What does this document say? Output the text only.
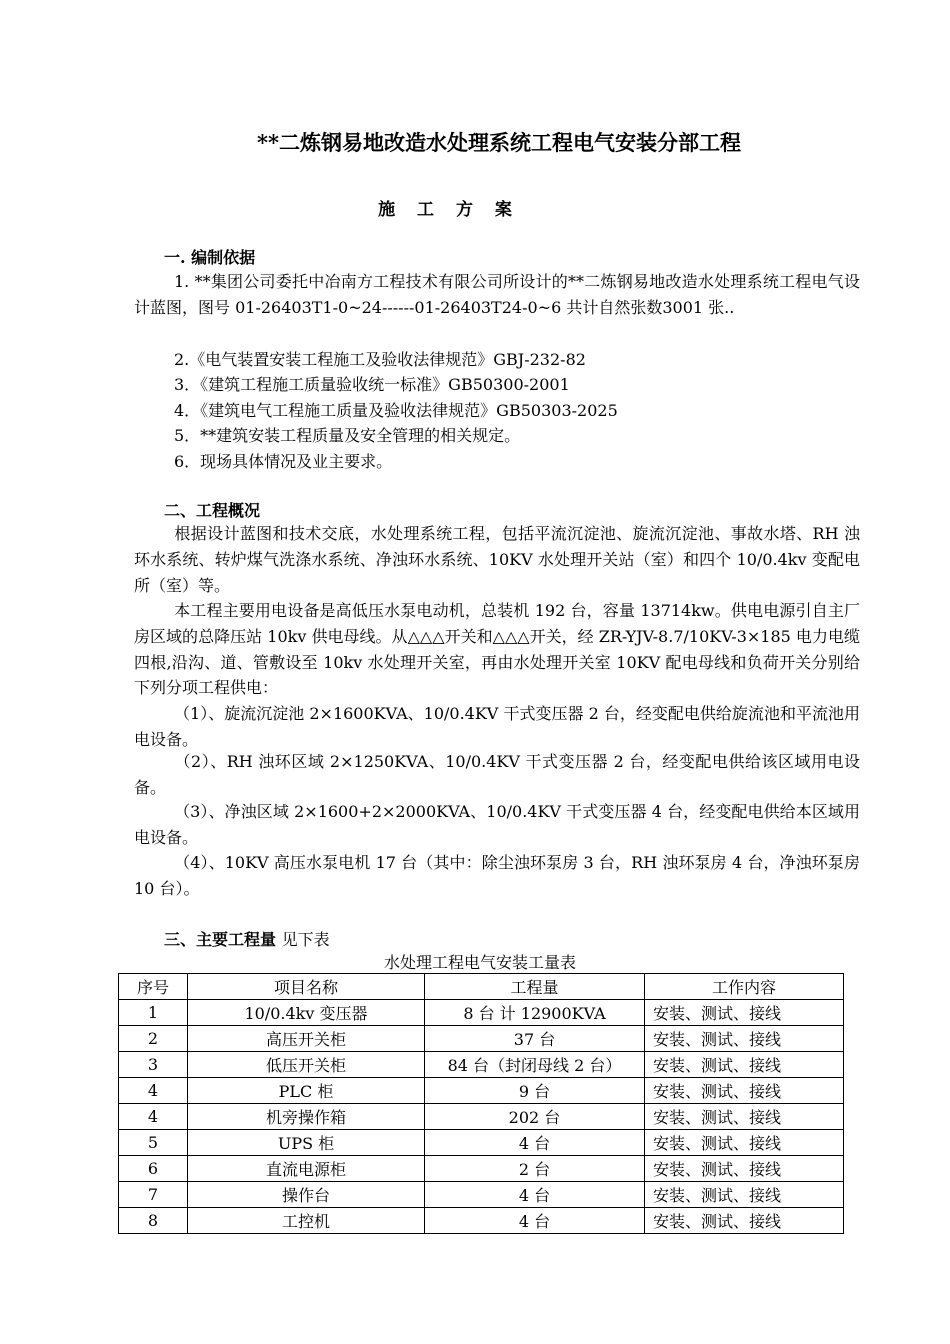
**二炼钢易地改造水处理系统工程电气安装分部工程
施 工 方 案
一. 编制依据
1. **集团公司委托中冶南方工程技术有限公司所设计的**二炼钢易地改造水处理系统工程电气设计蓝图，图号 01-26403T1-0~24------01-26403T24-0~6 共计自然张数3001 张..
2.《电气装置安装工程施工及验收法律规范》GBJ-232-82
3．《建筑工程施工质量验收统一标准》GB50300-2001
4．《建筑电气工程施工质量及验收法律规范》GB50303-2025
5．**建筑安装工程质量及安全管理的相关规定。
6．现场具体情况及业主要求。
二、工程概况
根据设计蓝图和技术交底，水处理系统工程，包括平流沉淀池、旋流沉淀池、事故水塔、RH 浊环水系统、转炉煤气洗涤水系统、净浊环水系统、10KV 水处理开关站（室）和四个 10/0.4kv 变配电所（室）等。
本工程主要用电设备是高低压水泵电动机，总装机 192 台，容量 13714kw。供电电源引自主厂房区域的总降压站 10kv 供电母线。从△△△开关和△△△开关，经 ZR-YJV-8.7/10KV-3×185 电力电缆四根,沿沟、道、管敷设至 10kv 水处理开关室，再由水处理开关室 10KV 配电母线和负荷开关分别给下列分项工程供电：
（1）、旋流沉淀池 2×1600KVA、10/0.4KV 干式变压器 2 台，经变配电供给旋流池和平流池用电设备。
（2）、RH 浊环区域 2×1250KVA、10/0.4KV 干式变压器 2 台，经变配电供给该区域用电设备。
（3）、净浊区域 2×1600+2×2000KVA、10/0.4KV 干式变压器 4 台，经变配电供给本区域用电设备。
（4）、10KV 高压水泵电机 17 台（其中：除尘浊环泵房 3 台，RH 浊环泵房 4 台，净浊环泵房 10 台）。
三、主要工程量 见下表
水处理工程电气安装工量表
序号	项目名称	工程量	工作内容
1	10/0.4kv 变压器	8 台 计 12900KVA	安装、测试、接线
2	高压开关柜	37 台	安装、测试、接线
3	低压开关柜	84 台（封闭母线 2 台）	安装、测试、接线
4	PLC 柜	9 台	安装、测试、接线
4	机旁操作箱	202 台	安装、测试、接线
5	UPS 柜	4 台	安装、测试、接线
6	直流电源柜	2 台	安装、测试、接线
7	操作台	4 台	安装、测试、接线
8	工控机	4 台	安装、测试、接线
